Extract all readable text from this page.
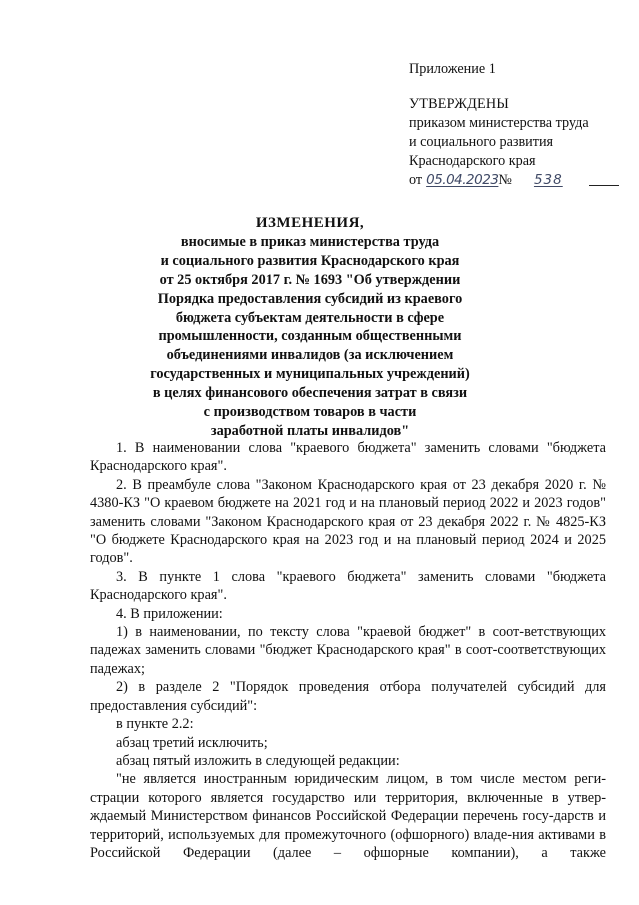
Приложение 1
УТВЕРЖДЕНЫ
приказом министерства труда
и социального развития
Краснодарского края
от 05.04.2023№ 538
ИЗМЕНЕНИЯ,
вносимые в приказ министерства труда
и социального развития Краснодарского края
от 25 октября 2017 г. № 1693 "Об утверждении
Порядка предоставления субсидий из краевого
бюджета субъектам деятельности в сфере
промышленности, созданным общественными
объединениями инвалидов (за исключением
государственных и муниципальных учреждений)
в целях финансового обеспечения затрат в связи
с производством товаров в части
заработной платы инвалидов"

1. В наименовании слова "краевого бюджета" заменить словами "бюджета Краснодарского края".

2. В преамбуле слова "Законом Краснодарского края от 23 декабря 2020 г. № 4380-КЗ "О краевом бюджете на 2021 год и на плановый период 2022 и 2023 годов" заменить словами "Законом Краснодарского края от 23 декабря 2022 г. № 4825-КЗ "О бюджете Краснодарского края на 2023 год и на плановый период 2024 и 2025 годов".

3. В пункте 1 слова "краевого бюджета" заменить словами "бюджета Краснодарского края".

4. В приложении:

1) в наименовании, по тексту слова "краевой бюджет" в соот-ветствующих падежах заменить словами "бюджет Краснодарского края" в соот-соответствующих падежах;

2) в разделе 2 "Порядок проведения отбора получателей субсидий для предоставления субсидий":

в пункте 2.2:

абзац третий исключить;

абзац пятый изложить в следующей редакции:

"не является иностранным юридическим лицом, в том числе местом реги-страции которого является государство или территория, включенные в утвер-ждаемый Министерством финансов Российской Федерации перечень госу-дарств и территорий, используемых для промежуточного (офшорного) владе-ния активами в Российской Федерации (далее – офшорные компании), а также
